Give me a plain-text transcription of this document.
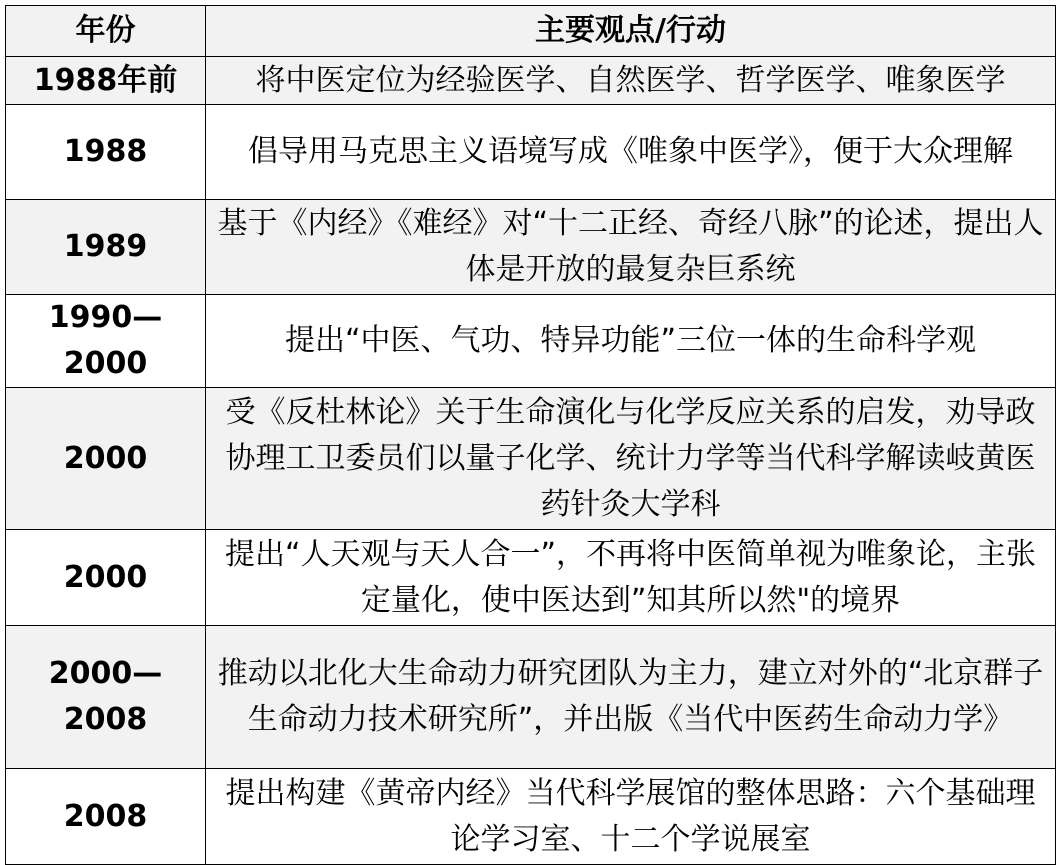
年份	主要观点/行动
1988年前	将中医定位为经验医学、自然医学、哲学医学、唯象医学
1988	倡导用马克思主义语境写成《唯象中医学》，便于大众理解
1989	基于《内经》《难经》对“十二正经、奇经八脉”的论述，提出人体是开放的最复杂巨系统
1990—2000	提出“中医、气功、特异功能”三位一体的生命科学观
2000	受《反杜林论》关于生命演化与化学反应关系的启发，劝导政协理工卫委员们以量子化学、统计力学等当代科学解读岐黄医药针灸大学科
2000	提出“人天观与天人合一”，不再将中医简单视为唯象论，主张定量化，使中医达到”知其所以然"的境界
2000—2008	推动以北化大生命动力研究团队为主力，建立对外的“北京群子生命动力技术研究所”，并出版《当代中医药生命动力学》
2008	提出构建《黄帝内经》当代科学展馆的整体思路：六个基础理论学习室、十二个学说展室
